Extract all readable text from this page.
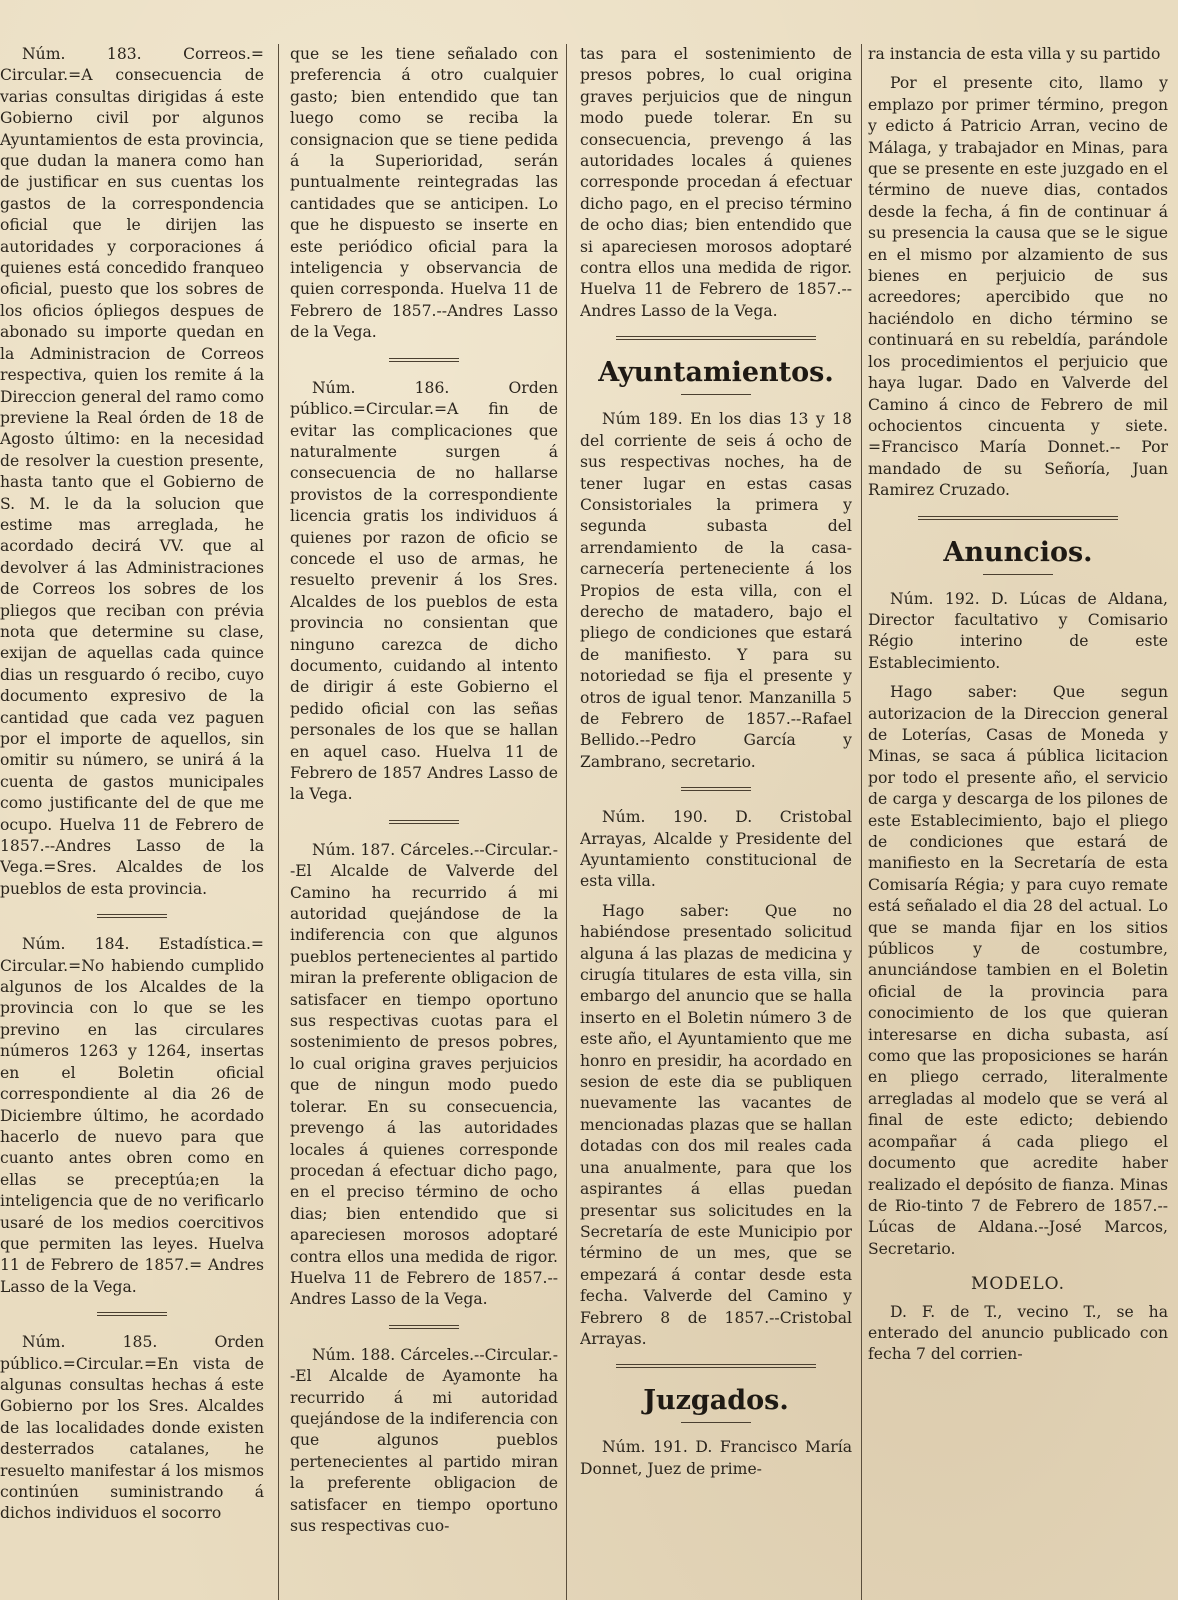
Núm. 183. Correos.= Circular.=A consecuencia de varias consultas dirigidas á este Gobierno civil por algunos Ayuntamientos de esta provincia, que dudan la manera como han de justificar en sus cuentas los gastos de la correspondencia oficial que le dirijen las autoridades y corporaciones á quienes está concedido franqueo oficial, puesto que los sobres de los oficios ópliegos despues de abonado su importe quedan en la Administracion de Correos respectiva, quien los remite á la Direccion general del ramo como previene la Real órden de 18 de Agosto último: en la necesidad de resolver la cuestion presente, hasta tanto que el Gobierno de S. M. le da la solucion que estime mas arreglada, he acordado decirá VV. que al devolver á las Administraciones de Correos los sobres de los pliegos que reciban con prévia nota que determine su clase, exijan de aquellas cada quince dias un resguardo ó recibo, cuyo documento expresivo de la cantidad que cada vez paguen por el importe de aquellos, sin omitir su número, se unirá á la cuenta de gastos municipales como justificante del de que me ocupo. Huelva 11 de Febrero de 1857.--Andres Lasso de la Vega.=Sres. Alcaldes de los pueblos de esta provincia.

Núm. 184. Estadística.= Circular.=No habiendo cumplido algunos de los Alcaldes de la provincia con lo que se les previno en las circulares números 1263 y 1264, insertas en el Boletin oficial correspondiente al dia 26 de Diciembre último, he acordado hacerlo de nuevo para que cuanto antes obren como en ellas se preceptúa;en la inteligencia que de no verificarlo usaré de los medios coercitivos que permiten las leyes. Huelva 11 de Febrero de 1857.= Andres Lasso de la Vega.

Núm. 185. Orden público.=Circular.=En vista de algunas consultas hechas á este Gobierno por los Sres. Alcaldes de las localidades donde existen desterrados catalanes, he resuelto manifestar á los mismos continúen suministrando á dichos individuos el socorro

que se les tiene señalado con preferencia á otro cualquier gasto; bien entendido que tan luego como se reciba la consignacion que se tiene pedida á la Superioridad, serán puntualmente reintegradas las cantidades que se anticipen. Lo que he dispuesto se inserte en este periódico oficial para la inteligencia y observancia de quien corresponda. Huelva 11 de Febrero de 1857.--Andres Lasso de la Vega.

Núm. 186. Orden público.=Circular.=A fin de evitar las complicaciones que naturalmente surgen á consecuencia de no hallarse provistos de la correspondiente licencia gratis los individuos á quienes por razon de oficio se concede el uso de armas, he resuelto prevenir á los Sres. Alcaldes de los pueblos de esta provincia no consientan que ninguno carezca de dicho documento, cuidando al intento de dirigir á este Gobierno el pedido oficial con las señas personales de los que se hallan en aquel caso. Huelva 11 de Febrero de 1857 Andres Lasso de la Vega.

Núm. 187. Cárceles.--Circular.--El Alcalde de Valverde del Camino ha recurrido á mi autoridad quejándose de la indiferencia con que algunos pueblos pertenecientes al partido miran la preferente obligacion de satisfacer en tiempo oportuno sus respectivas cuotas para el sostenimiento de presos pobres, lo cual origina graves perjuicios que de ningun modo puedo tolerar. En su consecuencia, prevengo á las autoridades locales á quienes corresponde procedan á efectuar dicho pago, en el preciso término de ocho dias; bien entendido que si apareciesen morosos adoptaré contra ellos una medida de rigor. Huelva 11 de Febrero de 1857.--Andres Lasso de la Vega.

Núm. 188. Cárceles.--Circular.--El Alcalde de Ayamonte ha recurrido á mi autoridad quejándose de la indiferencia con que algunos pueblos pertenecientes al partido miran la preferente obligacion de satisfacer en tiempo oportuno sus respectivas cuo-

tas para el sostenimiento de presos pobres, lo cual origina graves perjuicios que de ningun modo puede tolerar. En su consecuencia, prevengo á las autoridades locales á quienes corresponde procedan á efectuar dicho pago, en el preciso término de ocho dias; bien entendido que si apareciesen morosos adoptaré contra ellos una medida de rigor. Huelva 11 de Febrero de 1857.--Andres Lasso de la Vega.

Ayuntamientos.

Núm 189. En los dias 13 y 18 del corriente de seis á ocho de sus respectivas noches, ha de tener lugar en estas casas Consistoriales la primera y segunda subasta del arrendamiento de la casa-carnecería perteneciente á los Propios de esta villa, con el derecho de matadero, bajo el pliego de condiciones que estará de manifiesto. Y para su notoriedad se fija el presente y otros de igual tenor. Manzanilla 5 de Febrero de 1857.--Rafael Bellido.--Pedro García y Zambrano, secretario.

Núm. 190. D. Cristobal Arrayas, Alcalde y Presidente del Ayuntamiento constitucional de esta villa.

Hago saber: Que no habiéndose presentado solicitud alguna á las plazas de medicina y cirugía titulares de esta villa, sin embargo del anuncio que se halla inserto en el Boletin número 3 de este año, el Ayuntamiento que me honro en presidir, ha acordado en sesion de este dia se publiquen nuevamente las vacantes de mencionadas plazas que se hallan dotadas con dos mil reales cada una anualmente, para que los aspirantes á ellas puedan presentar sus solicitudes en la Secretaría de este Municipio por término de un mes, que se empezará á contar desde esta fecha. Valverde del Camino y Febrero 8 de 1857.--Cristobal Arrayas.

Juzgados.

Núm. 191. D. Francisco María Donnet, Juez de prime-

ra instancia de esta villa y su partido

Por el presente cito, llamo y emplazo por primer término, pregon y edicto á Patricio Arran, vecino de Málaga, y trabajador en Minas, para que se presente en este juzgado en el término de nueve dias, contados desde la fecha, á fin de continuar á su presencia la causa que se le sigue en el mismo por alzamiento de sus bienes en perjuicio de sus acreedores; apercibido que no haciéndolo en dicho término se continuará en su rebeldía, parándole los procedimientos el perjuicio que haya lugar. Dado en Valverde del Camino á cinco de Febrero de mil ochocientos cincuenta y siete. =Francisco María Donnet.-- Por mandado de su Señoría, Juan Ramirez Cruzado.

Anuncios.

Núm. 192. D. Lúcas de Aldana, Director facultativo y Comisario Régio interino de este Establecimiento.

Hago saber: Que segun autorizacion de la Direccion general de Loterías, Casas de Moneda y Minas, se saca á pública licitacion por todo el presente año, el servicio de carga y descarga de los pilones de este Establecimiento, bajo el pliego de condiciones que estará de manifiesto en la Secretaría de esta Comisaría Régia; y para cuyo remate está señalado el dia 28 del actual. Lo que se manda fijar en los sitios públicos y de costumbre, anunciándose tambien en el Boletin oficial de la provincia para conocimiento de los que quieran interesarse en dicha subasta, así como que las proposiciones se harán en pliego cerrado, literalmente arregladas al modelo que se verá al final de este edicto; debiendo acompañar á cada pliego el documento que acredite haber realizado el depósito de fianza. Minas de Rio-tinto 7 de Febrero de 1857.--Lúcas de Aldana.--José Marcos, Secretario.

MODELO.

D. F. de T., vecino T., se ha enterado del anuncio publicado con fecha 7 del corrien-
